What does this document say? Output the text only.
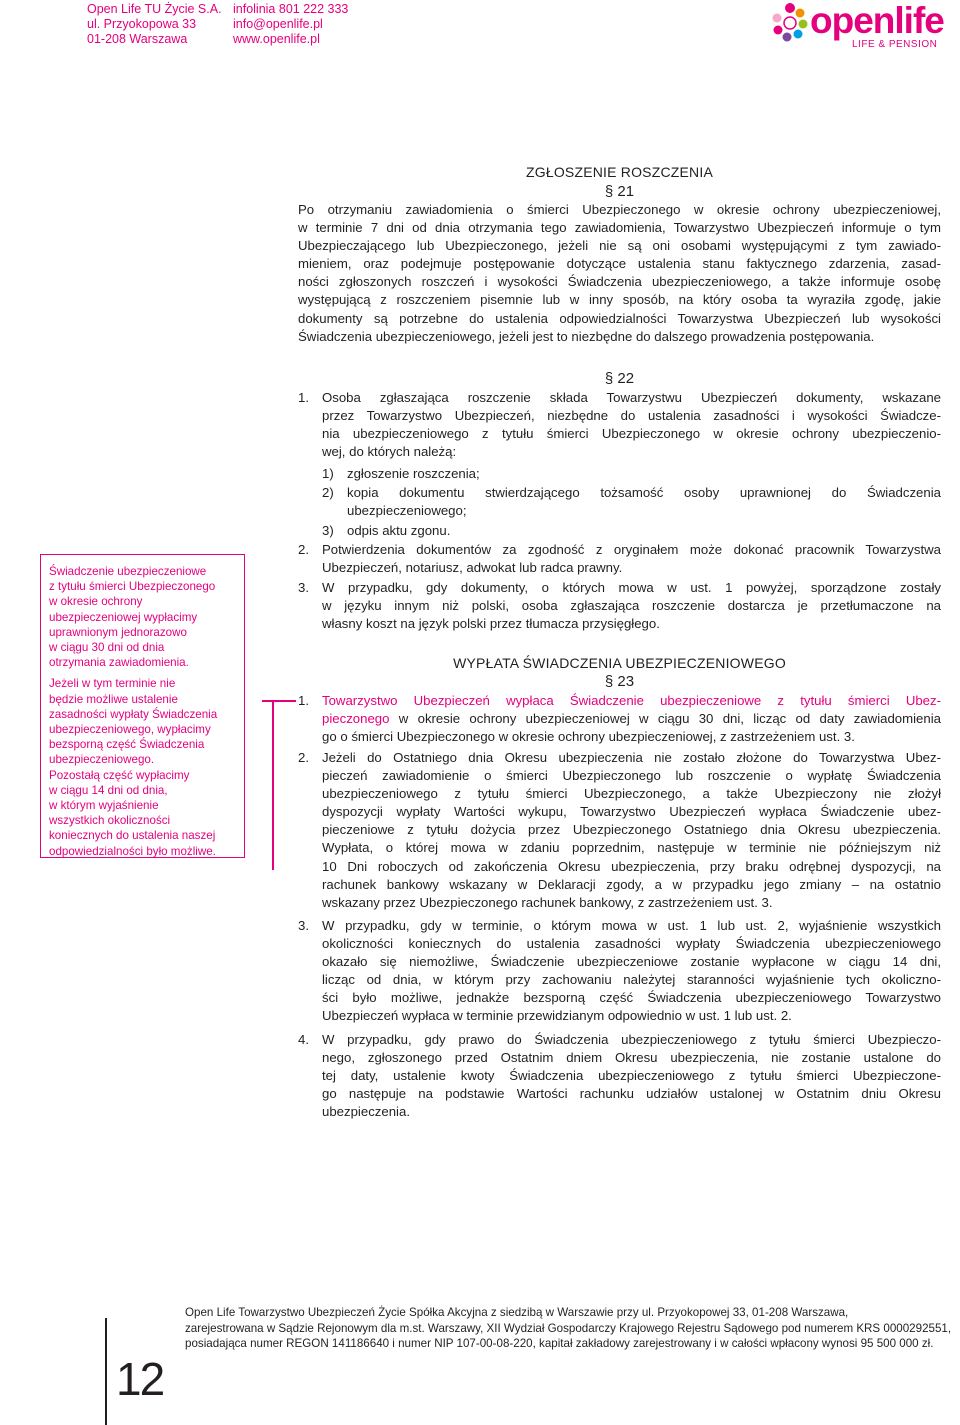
Open Life TU Życie S.A.
ul. Przyokopowa 33
01-208 Warszawa
infolinia 801 222 333
info@openlife.pl
www.openlife.pl	openlife
LIFE & PENSION
ZGŁOSZENIE ROSZCZENIA
§ 21
Po otrzymaniu zawiadomienia o śmierci Ubezpieczonego w okresie ochrony ubezpieczeniowej,
w terminie 7 dni od dnia otrzymania tego zawiadomienia, Towarzystwo Ubezpieczeń informuje o tym
Ubezpieczającego lub Ubezpieczonego, jeżeli nie są oni osobami występującymi z tym zawiado-
mieniem, oraz podejmuje postępowanie dotyczące ustalenia stanu faktycznego zdarzenia, zasad-
ności zgłoszonych roszczeń i wysokości Świadczenia ubezpieczeniowego, a także informuje osobę
występującą z roszczeniem pisemnie lub w inny sposób, na który osoba ta wyraziła zgodę, jakie
dokumenty są potrzebne do ustalenia odpowiedzialności Towarzystwa Ubezpieczeń lub wysokości
Świadczenia ubezpieczeniowego, jeżeli jest to niezbędne do dalszego prowadzenia postępowania.
§ 22
1. Osoba zgłaszająca roszczenie składa Towarzystwu Ubezpieczeń dokumenty, wskazane
przez Towarzystwo Ubezpieczeń, niezbędne do ustalenia zasadności i wysokości Świadcze-
nia ubezpieczeniowego z tytułu śmierci Ubezpieczonego w okresie ochrony ubezpieczenio-
wej, do których należą:
1) zgłoszenie roszczenia;
2) kopia dokumentu stwierdzającego tożsamość osoby uprawnionej do Świadczenia
ubezpieczeniowego;
3) odpis aktu zgonu.
2. Potwierdzenia dokumentów za zgodność z oryginałem może dokonać pracownik Towarzystwa
Ubezpieczeń, notariusz, adwokat lub radca prawny.
3. W przypadku, gdy dokumenty, o których mowa w ust. 1 powyżej, sporządzone zostały
w języku innym niż polski, osoba zgłaszająca roszczenie dostarcza je przetłumaczone na
własny koszt na język polski przez tłumacza przysięgłego.
WYPŁATA ŚWIADCZENIA UBEZPIECZENIOWEGO
§ 23
1. Towarzystwo Ubezpieczeń wypłaca Świadczenie ubezpieczeniowe z tytułu śmierci Ubez-
pieczonego w okresie ochrony ubezpieczeniowej w ciągu 30 dni, licząc od daty zawiadomienia
go o śmierci Ubezpieczonego w okresie ochrony ubezpieczeniowej, z zastrzeżeniem ust. 3.
2. Jeżeli do Ostatniego dnia Okresu ubezpieczenia nie zostało złożone do Towarzystwa Ubez-
pieczeń zawiadomienie o śmierci Ubezpieczonego lub roszczenie o wypłatę Świadczenia
ubezpieczeniowego z tytułu śmierci Ubezpieczonego, a także Ubezpieczony nie złożył
dyspozycji wypłaty Wartości wykupu, Towarzystwo Ubezpieczeń wypłaca Świadczenie ubez-
pieczeniowe z tytułu dożycia przez Ubezpieczonego Ostatniego dnia Okresu ubezpieczenia.
Wypłata, o której mowa w zdaniu poprzednim, następuje w terminie nie późniejszym niż
10 Dni roboczych od zakończenia Okresu ubezpieczenia, przy braku odrębnej dyspozycji, na
rachunek bankowy wskazany w Deklaracji zgody, a w przypadku jego zmiany – na ostatnio
wskazany przez Ubezpieczonego rachunek bankowy, z zastrzeżeniem ust. 3.
3. W przypadku, gdy w terminie, o którym mowa w ust. 1 lub ust. 2, wyjaśnienie wszystkich
okoliczności koniecznych do ustalenia zasadności wypłaty Świadczenia ubezpieczeniowego
okazało się niemożliwe, Świadczenie ubezpieczeniowe zostanie wypłacone w ciągu 14 dni,
licząc od dnia, w którym przy zachowaniu należytej staranności wyjaśnienie tych okoliczno-
ści było możliwe, jednakże bezsporną część Świadczenia ubezpieczeniowego Towarzystwo
Ubezpieczeń wypłaca w terminie przewidzianym odpowiednio w ust. 1 lub ust. 2.
4. W przypadku, gdy prawo do Świadczenia ubezpieczeniowego z tytułu śmierci Ubezpieczo-
nego, zgłoszonego przed Ostatnim dniem Okresu ubezpieczenia, nie zostanie ustalone do
tej daty, ustalenie kwoty Świadczenia ubezpieczeniowego z tytułu śmierci Ubezpieczone-
go następuje na podstawie Wartości rachunku udziałów ustalonej w Ostatnim dniu Okresu
ubezpieczenia.
Świadczenie ubezpieczeniowe
z tytułu śmierci Ubezpieczonego
w okresie ochrony
ubezpieczeniowej wypłacimy
uprawnionym jednorazowo
w ciągu 30 dni od dnia
otrzymania zawiadomienia.
Jeżeli w tym terminie nie
będzie możliwe ustalenie
zasadności wypłaty Świadczenia
ubezpieczeniowego, wypłacimy
bezsporną część Świadczenia
ubezpieczeniowego.
Pozostałą część wypłacimy
w ciągu 14 dni od dnia,
w którym wyjaśnienie
wszystkich okoliczności
koniecznych do ustalenia naszej
odpowiedzialności było możliwe.
12
Open Life Towarzystwo Ubezpieczeń Życie Spółka Akcyjna z siedzibą w Warszawie przy ul. Przyokopowej 33, 01-208 Warszawa,
zarejestrowana w Sądzie Rejonowym dla m.st. Warszawy, XII Wydział Gospodarczy Krajowego Rejestru Sądowego pod numerem KRS 0000292551,
posiadająca numer REGON 141186640 i numer NIP 107-00-08-220, kapitał zakładowy zarejestrowany i w całości wpłacony wynosi 95 500 000 zł.
